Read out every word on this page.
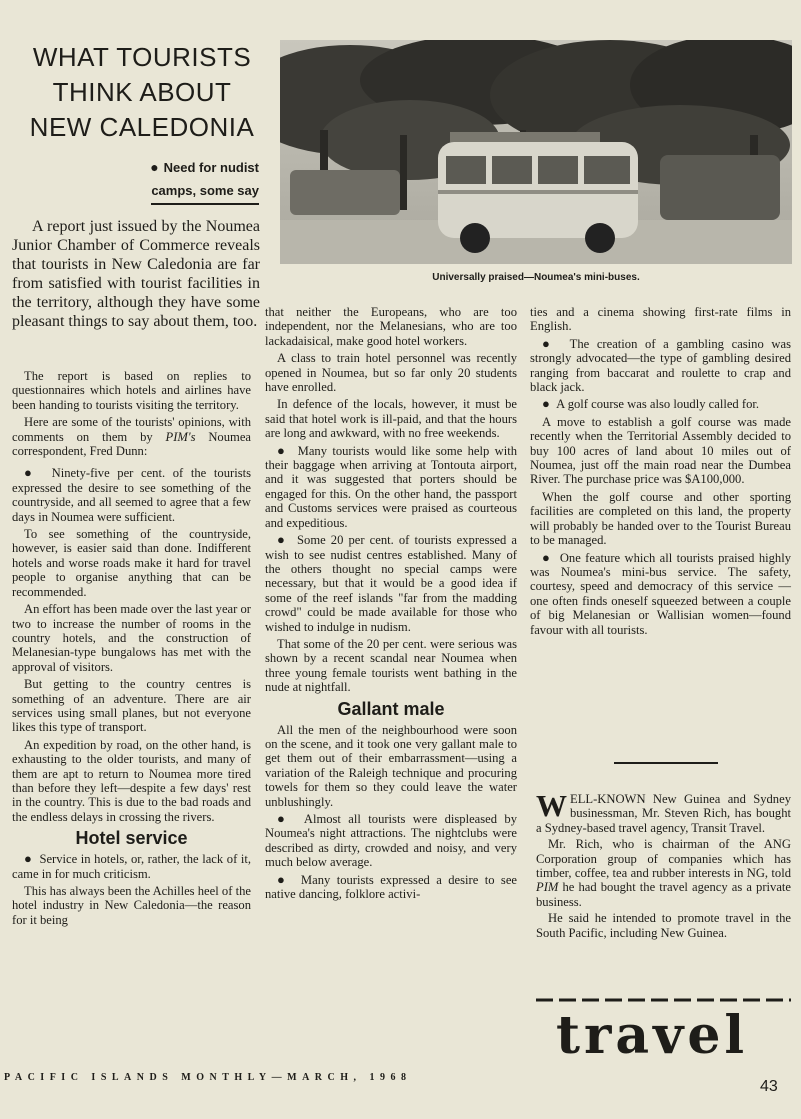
WHAT TOURISTS
THINK ABOUT
NEW CALEDONIA
● Need for nudist
camps, some say
Universally praised—Noumea's mini-buses.

A report just issued by the Noumea Junior Chamber of Commerce reveals that tourists in New Caledonia are far from satisfied with tourist facilities in the territory, although they have some pleasant things to say about them, too.

The report is based on replies to questionnaires which hotels and airlines have been handing to tourists visiting the territory.

Here are some of the tourists' opinions, with comments on them by PIM's Noumea correspondent, Fred Dunn:

● Ninety-five per cent. of the tourists expressed the desire to see something of the countryside, and all seemed to agree that a few days in Noumea were sufficient.

To see something of the countryside, however, is easier said than done. Indifferent hotels and worse roads make it hard for travel people to organise anything that can be recommended.

An effort has been made over the last year or two to increase the number of rooms in the country hotels, and the construction of Melanesian-type bungalows has met with the approval of visitors.

But getting to the country centres is something of an adventure. There are air services using small planes, but not everyone likes this type of transport.

An expedition by road, on the other hand, is exhausting to the older tourists, and many of them are apt to return to Noumea more tired than before they left—despite a few days' rest in the country. This is due to the bad roads and the endless delays in crossing the rivers.

Hotel service

● Service in hotels, or, rather, the lack of it, came in for much criticism.

This has always been the Achilles heel of the hotel industry in New Caledonia—the reason for it being

that neither the Europeans, who are too independent, nor the Melanesians, who are too lackadaisical, make good hotel workers.

A class to train hotel personnel was recently opened in Noumea, but so far only 20 students have enrolled.

In defence of the locals, however, it must be said that hotel work is ill-paid, and that the hours are long and awkward, with no free weekends.

● Many tourists would like some help with their baggage when arriving at Tontouta airport, and it was suggested that porters should be engaged for this. On the other hand, the passport and Customs services were praised as courteous and expeditious.

● Some 20 per cent. of tourists expressed a wish to see nudist centres established. Many of the others thought no special camps were necessary, but that it would be a good idea if some of the reef islands "far from the madding crowd" could be made available for those who wished to indulge in nudism.

That some of the 20 per cent. were serious was shown by a recent scandal near Noumea when three young female tourists went bathing in the nude at nightfall.

Gallant male

All the men of the neighbourhood were soon on the scene, and it took one very gallant male to get them out of their embarrassment—using a variation of the Raleigh technique and procuring towels for them so they could leave the water unblushingly.

● Almost all tourists were displeased by Noumea's night attractions. The nightclubs were described as dirty, crowded and noisy, and very much below average.

● Many tourists expressed a desire to see native dancing, folklore activi-

ties and a cinema showing first-rate films in English.

● The creation of a gambling casino was strongly advocated—the type of gambling desired ranging from baccarat and roulette to crap and black jack.

● A golf course was also loudly called for.

A move to establish a golf course was made recently when the Territorial Assembly decided to buy 100 acres of land about 10 miles out of Noumea, just off the main road near the Dumbea River. The purchase price was $A100,000.

When the golf course and other sporting facilities are completed on this land, the property will probably be handed over to the Tourist Bureau to be managed.

● One feature which all tourists praised highly was Noumea's mini-bus service. The safety, courtesy, speed and democracy of this service —one often finds oneself squeezed between a couple of big Melanesian or Wallisian women—found favour with all tourists.

WELL-KNOWN New Guinea and Sydney businessman, Mr. Steven Rich, has bought a Sydney-based travel agency, Transit Travel.

Mr. Rich, who is chairman of the ANG Corporation group of companies which has timber, coffee, tea and rubber interests in NG, told PIM he had bought the travel agency as a private business.

He said he intended to promote travel in the South Pacific, including New Guinea.

travel
PACIFIC ISLANDS MONTHLY—MARCH, 1968
43
